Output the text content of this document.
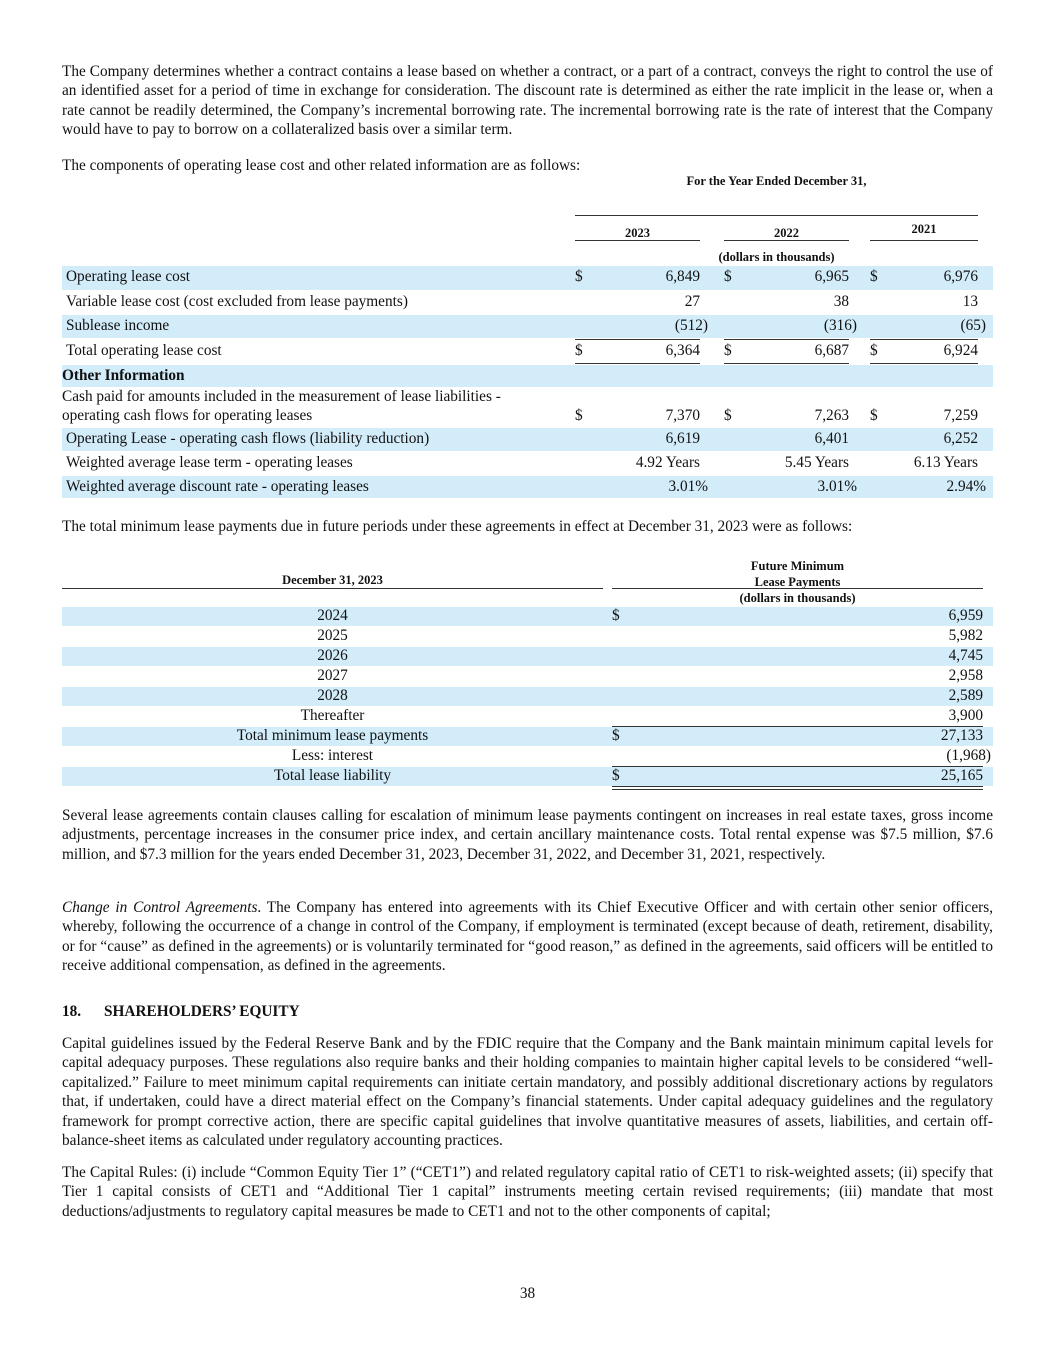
The Company determines whether a contract contains a lease based on whether a contract, or a part of a contract, conveys the right to control the use of an identified asset for a period of time in exchange for consideration. The discount rate is determined as either the rate implicit in the lease or, when a rate cannot be readily determined, the Company’s incremental borrowing rate. The incremental borrowing rate is the rate of interest that the Company would have to pay to borrow on a collateralized basis over a similar term.
The components of operating lease cost and other related information are as follows:
For the Year Ended December 31,
2023	2022	2021
(dollars in thousands)
Operating lease cost	$	6,849	$	6,965	$	6,976
Variable lease cost (cost excluded from lease payments)	27	38	13
Sublease income	(512)	(316)	(65)
Total operating lease cost	$	6,364	$	6,687	$	6,924
Other Information
Cash paid for amounts included in the measurement of lease liabilities -
operating cash flows for operating leases	$	7,370	$	7,263	$	7,259
Operating Lease - operating cash flows (liability reduction)	6,619	6,401	6,252
Weighted average lease term - operating leases	4.92 Years	5.45 Years	6.13 Years
Weighted average discount rate - operating leases	3.01%	3.01%	2.94%
The total minimum lease payments due in future periods under these agreements in effect at December 31, 2023 were as follows:
December 31, 2023
Future Minimum
Lease Payments
(dollars in thousands)
2024	$	6,959
2025	5,982
2026	4,745
2027	2,958
2028	2,589
Thereafter	3,900
Total minimum lease payments	$	27,133
Less: interest	(1,968)
Total lease liability	$	25,165
Several lease agreements contain clauses calling for escalation of minimum lease payments contingent on increases in real estate taxes, gross income adjustments, percentage increases in the consumer price index, and certain ancillary maintenance costs. Total rental expense was $7.5 million, $7.6 million, and $7.3 million for the years ended December 31, 2023, December 31, 2022, and December 31, 2021, respectively.
Change in Control Agreements. The Company has entered into agreements with its Chief Executive Officer and with certain other senior officers, whereby, following the occurrence of a change in control of the Company, if employment is terminated (except because of death, retirement, disability, or for “cause” as defined in the agreements) or is voluntarily terminated for “good reason,” as defined in the agreements, said officers will be entitled to receive additional compensation, as defined in the agreements.
18. SHAREHOLDERS’ EQUITY
Capital guidelines issued by the Federal Reserve Bank and by the FDIC require that the Company and the Bank maintain minimum capital levels for capital adequacy purposes. These regulations also require banks and their holding companies to maintain higher capital levels to be considered “well-capitalized.” Failure to meet minimum capital requirements can initiate certain mandatory, and possibly additional discretionary actions by regulators that, if undertaken, could have a direct material effect on the Company’s financial statements. Under capital adequacy guidelines and the regulatory framework for prompt corrective action, there are specific capital guidelines that involve quantitative measures of assets, liabilities, and certain off-balance-sheet items as calculated under regulatory accounting practices.
The Capital Rules: (i) include “Common Equity Tier 1” (“CET1”) and related regulatory capital ratio of CET1 to risk-weighted assets; (ii) specify that Tier 1 capital consists of CET1 and “Additional Tier 1 capital” instruments meeting certain revised requirements; (iii) mandate that most deductions/adjustments to regulatory capital measures be made to CET1 and not to the other components of capital;
38
